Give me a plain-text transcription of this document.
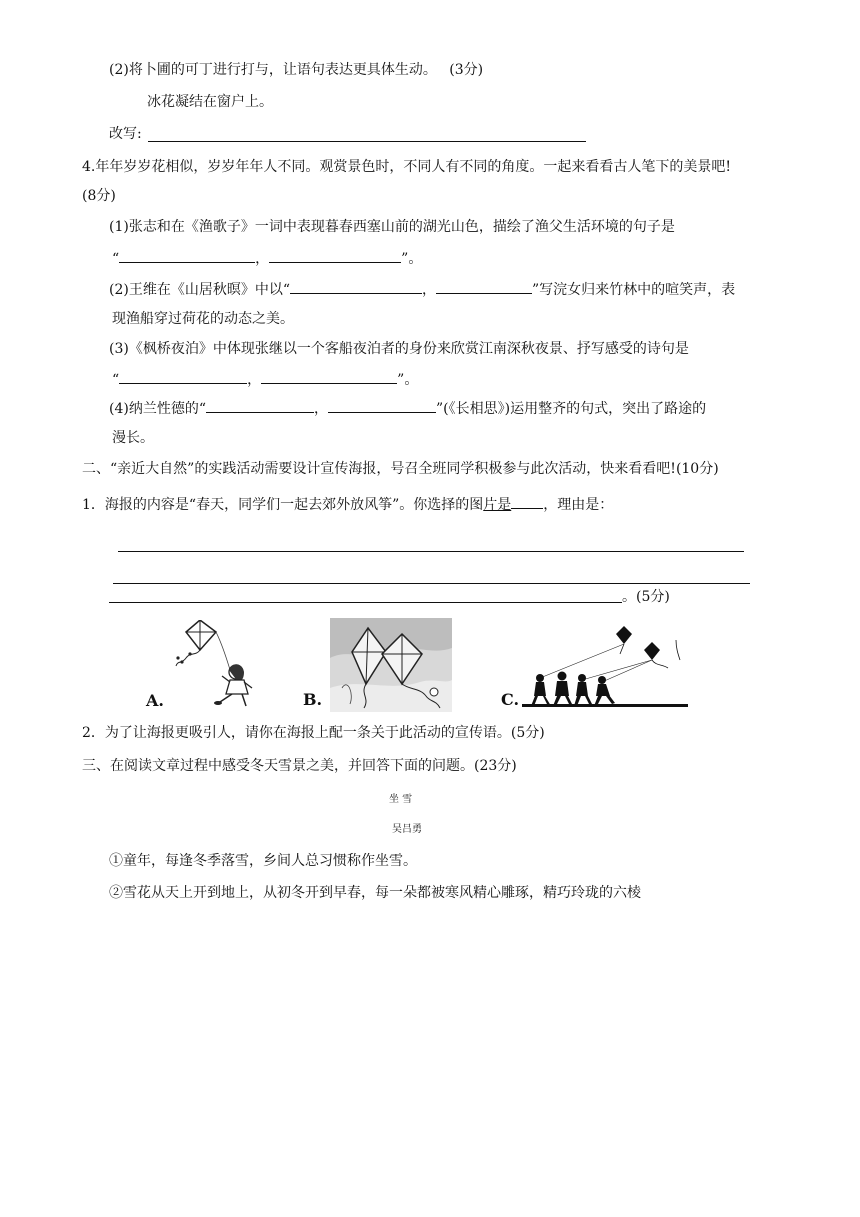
(2)将卜圃的可丁进行打与，让语句表达更具体生动。 (3分)
冰花凝结在窗户上。
改写:
4.年年岁岁花相似，岁岁年年人不同。观赏景色时，不同人有不同的角度。一起来看看古人笔下的美景吧!
(8分)
(1)张志和在《渔歌子》一词中表现暮春西塞山前的湖光山色，描绘了渔父生活环境的句子是
“	，	”。
(2)王维在《山居秋暝》中以“	，	”写浣女归来竹林中的喧笑声，表
现渔船穿过荷花的动态之美。
(3)《枫桥夜泊》中体现张继以一个客船夜泊者的身份来欣赏江南深秋夜景、抒写感受的诗句是
“	，	”。
(4)纳兰性德的“	，	”(《长相思》)运用整齐的句式，突出了路途的
漫长。
二、“亲近大自然”的实践活动需要设计宣传海报，号召全班同学积极参与此次活动，快来看看吧!(10分)
1．海报的内容是“春天，同学们一起去郊外放风筝”。你选择的图片是 ，理由是：
。(5分)
A.	B.	C.
2．为了让海报更吸引人，请你在海报上配一条关于此活动的宣传语。(5分)
三、在阅读文章过程中感受冬天雪景之美，并回答下面的问题。(23分)
坐 雪
吴吕勇
①童年，每逢冬季落雪，乡间人总习惯称作坐雪。
②雪花从天上开到地上，从初冬开到早春，每一朵都被寒风精心雕琢，精巧玲珑的六棱
